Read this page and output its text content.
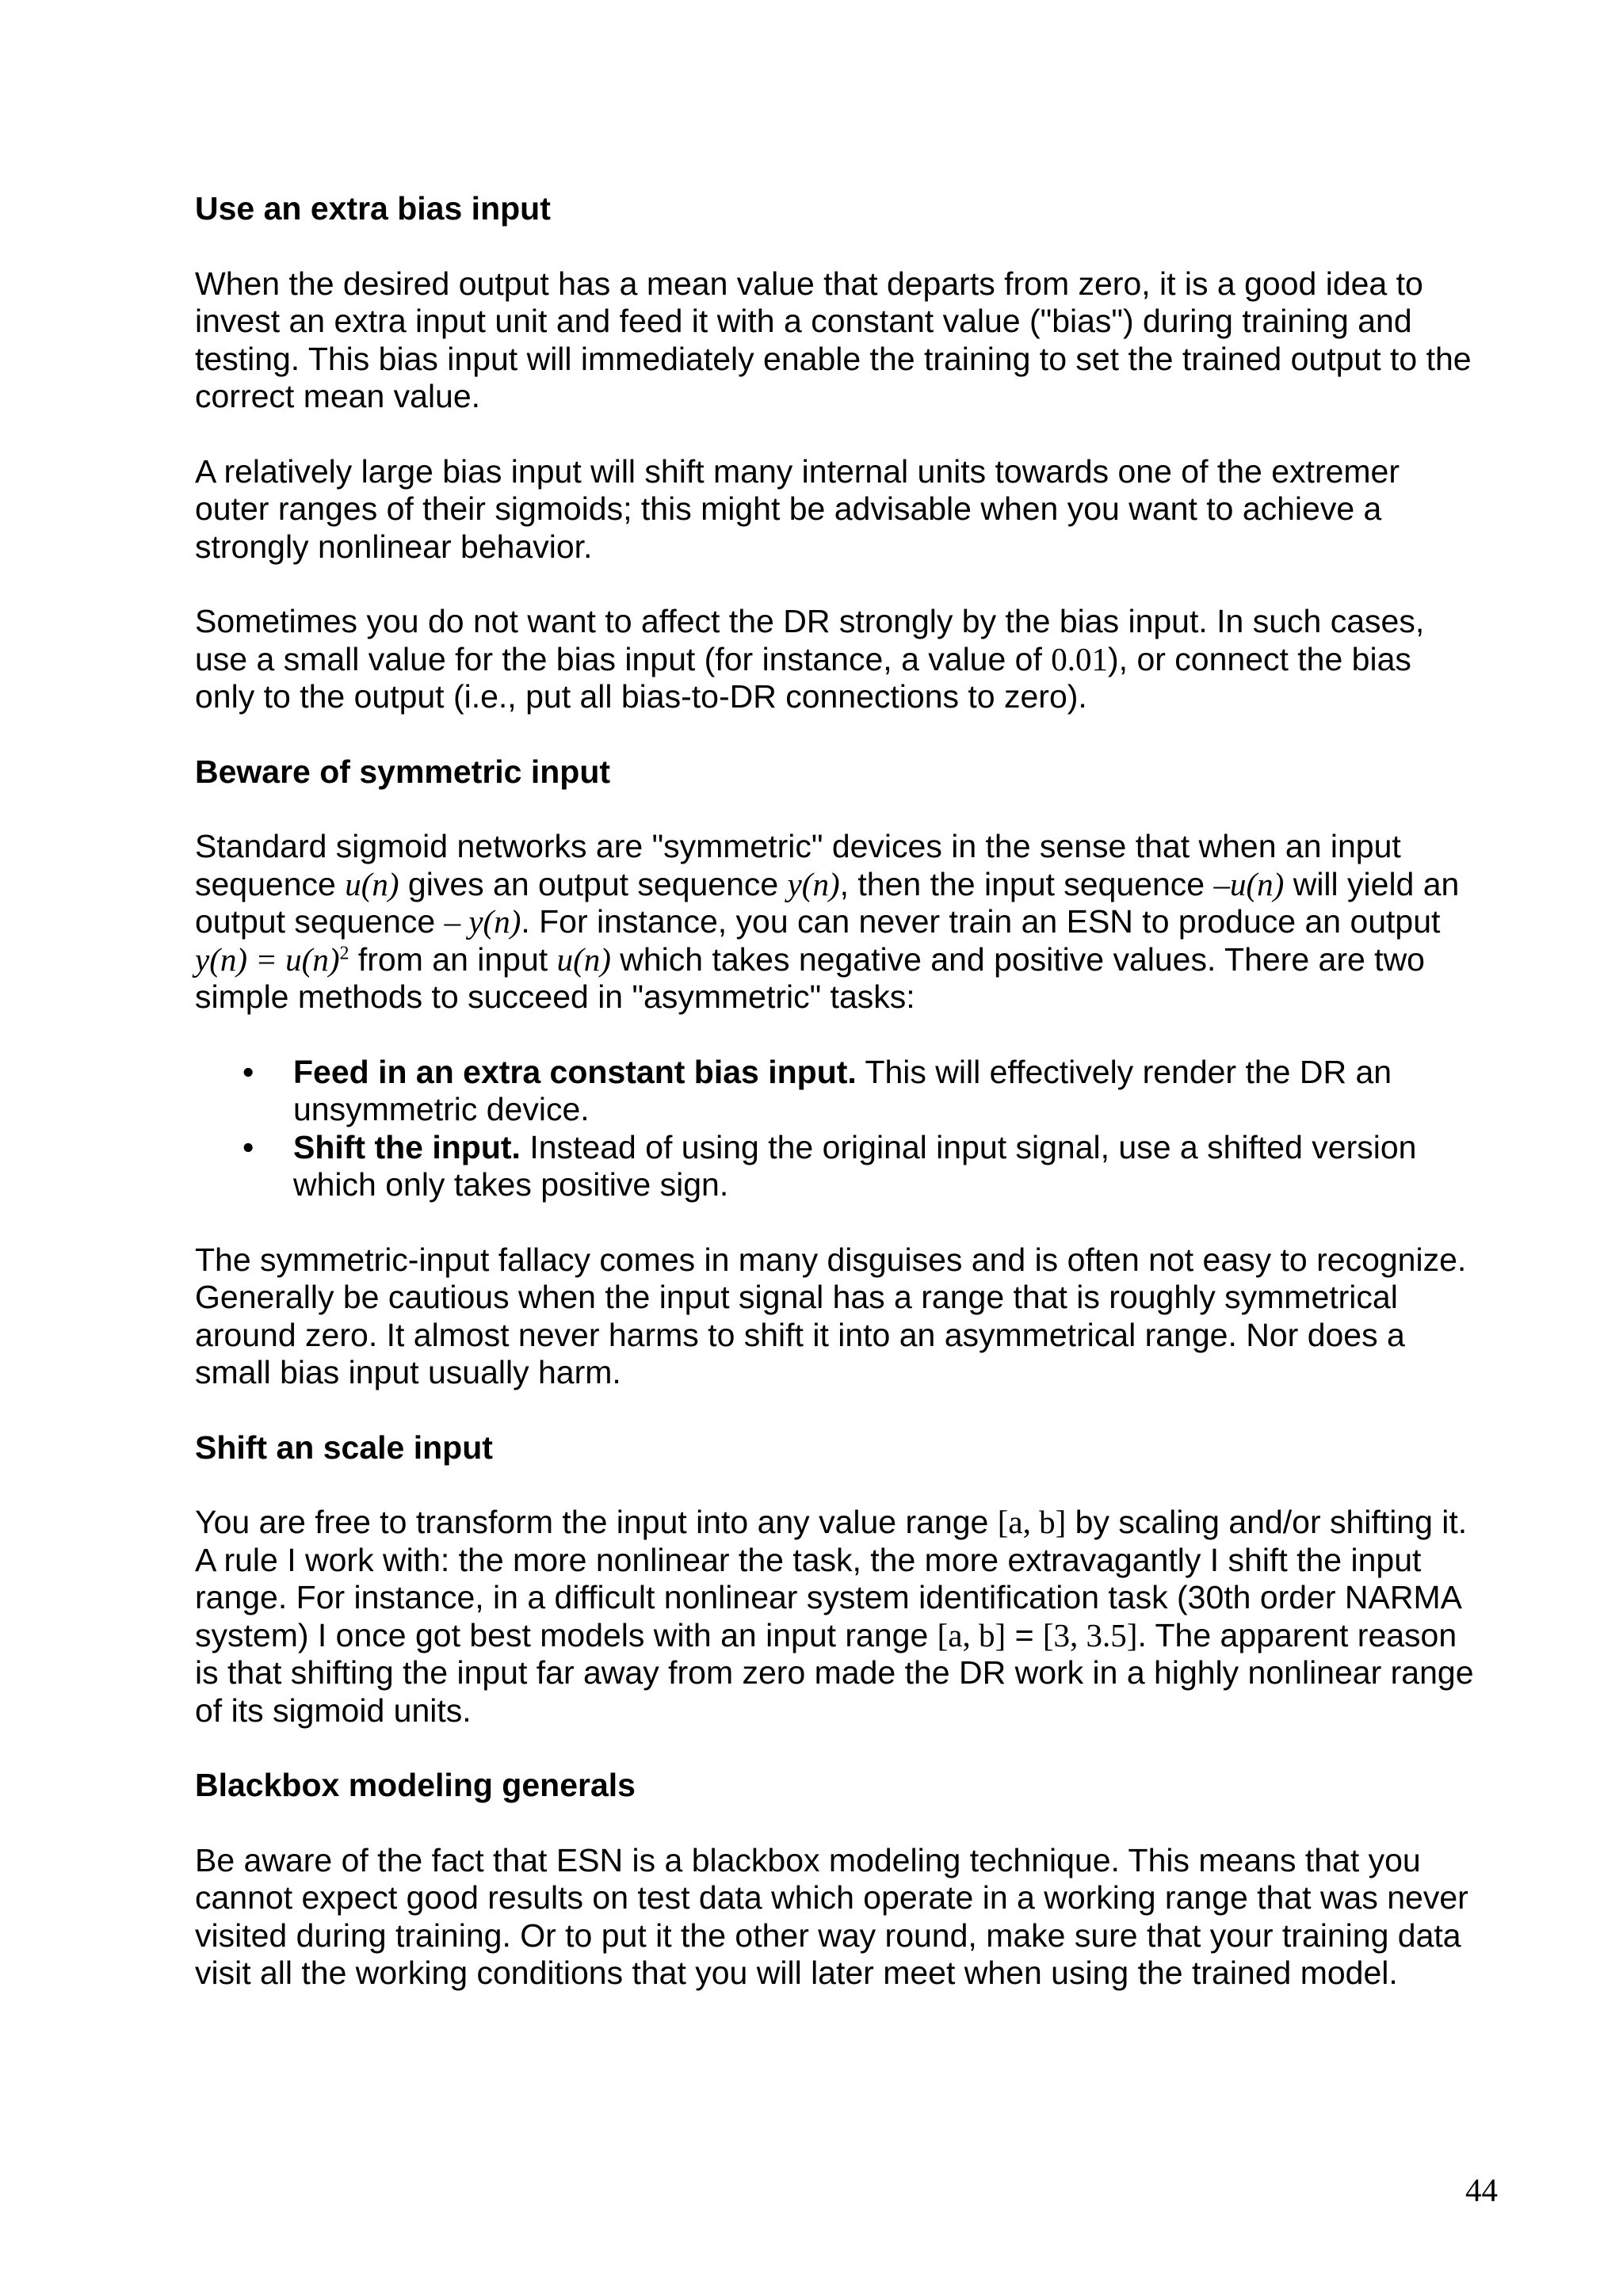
Use an extra bias input

When the desired output has a mean value that departs from zero, it is a good idea to invest an extra input unit and feed it with a constant value ("bias") during training and testing. This bias input will immediately enable the training to set the trained output to the correct mean value.

A relatively large bias input will shift many internal units towards one of the extremer outer ranges of their sigmoids; this might be advisable when you want to achieve a strongly nonlinear behavior.

Sometimes you do not want to affect the DR strongly by the bias input. In such cases, use a small value for the bias input (for instance, a value of 0.01), or connect the bias only to the output (i.e., put all bias-to-DR connections to zero).

Beware of symmetric input

Standard sigmoid networks are "symmetric" devices in the sense that when an input sequence u(n) gives an output sequence y(n), then the input sequence –u(n) will yield an output sequence – y(n). For instance, you can never train an ESN to produce an output $y(n) = u(n)^2$ from an input u(n) which takes negative and positive values. There are two simple methods to succeed in "asymmetric" tasks:

• Feed in an extra constant bias input. This will effectively render the DR an unsymmetric device.
• Shift the input. Instead of using the original input signal, use a shifted version which only takes positive sign.

The symmetric-input fallacy comes in many disguises and is often not easy to recognize. Generally be cautious when the input signal has a range that is roughly symmetrical around zero. It almost never harms to shift it into an asymmetrical range. Nor does a small bias input usually harm.

Shift an scale input

You are free to transform the input into any value range [a, b] by scaling and/or shifting it. A rule I work with: the more nonlinear the task, the more extravagantly I shift the input range. For instance, in a difficult nonlinear system identification task (30th order NARMA system) I once got best models with an input range [a, b] = [3, 3.5]. The apparent reason is that shifting the input far away from zero made the DR work in a highly nonlinear range of its sigmoid units.

Blackbox modeling generals

Be aware of the fact that ESN is a blackbox modeling technique. This means that you cannot expect good results on test data which operate in a working range that was never visited during training. Or to put it the other way round, make sure that your training data visit all the working conditions that you will later meet when using the trained model.

44
